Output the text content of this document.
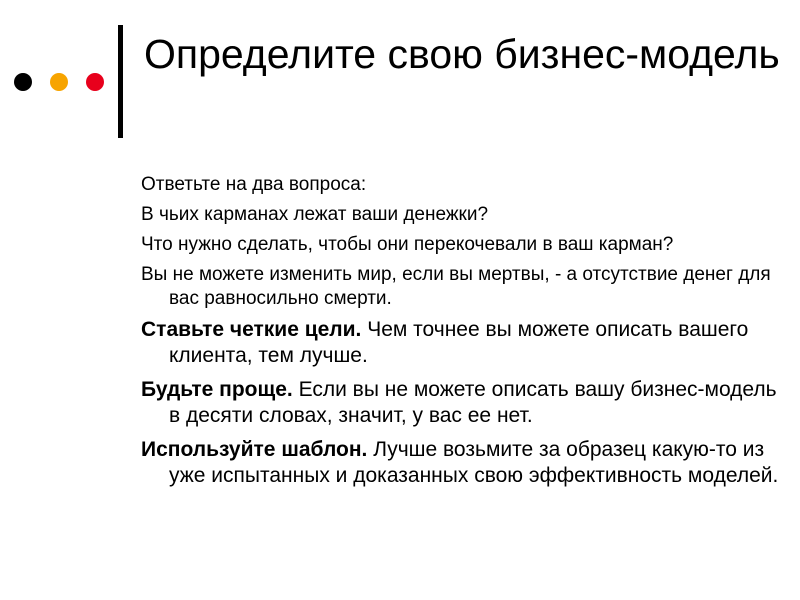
Определите свою бизнес-модель

Ответьте на два вопроса:

В чьих карманах лежат ваши денежки?

Что нужно сделать, чтобы они перекочевали в ваш карман?

Вы не можете изменить мир, если вы мертвы, - а отсутствие денег для вас равносильно смерти.

Ставьте четкие цели. Чем точнее вы можете описать вашего клиента, тем лучше.

Будьте проще. Если вы не можете описать вашу бизнес-модель в десяти словах, значит, у вас ее нет.

Используйте шаблон. Лучше возьмите за образец какую-то из уже испытанных и доказанных свою эффективность моделей.
